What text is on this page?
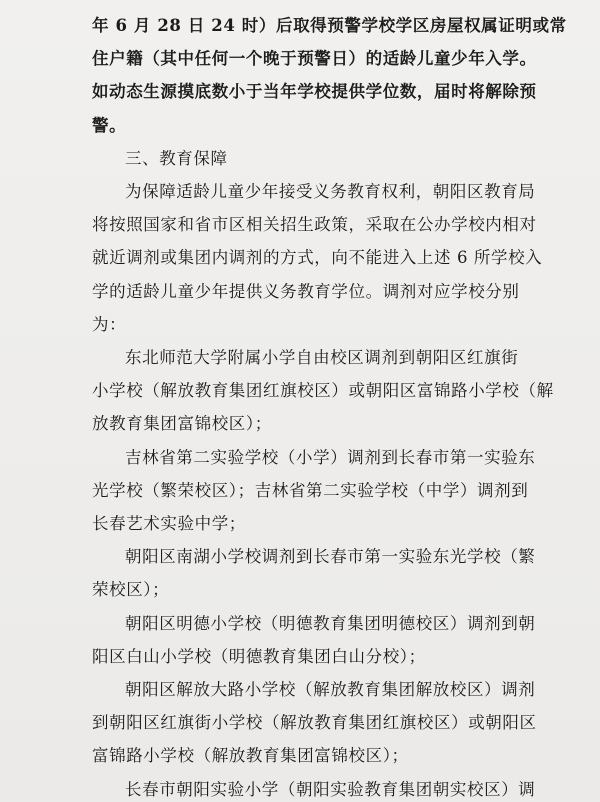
年 6 月 28 日 24 时）后取得预警学校学区房屋权属证明或常
住户籍（其中任何一个晚于预警日）的适龄儿童少年入学。
如动态生源摸底数小于当年学校提供学位数，届时将解除预
警。
三、教育保障
为保障适龄儿童少年接受义务教育权利，朝阳区教育局
将按照国家和省市区相关招生政策，采取在公办学校内相对
就近调剂或集团内调剂的方式，向不能进入上述 6 所学校入
学的适龄儿童少年提供义务教育学位。调剂对应学校分别
为：
东北师范大学附属小学自由校区调剂到朝阳区红旗街
小学校（解放教育集团红旗校区）或朝阳区富锦路小学校（解
放教育集团富锦校区）；
吉林省第二实验学校（小学）调剂到长春市第一实验东
光学校（繁荣校区）；吉林省第二实验学校（中学）调剂到
长春艺术实验中学；
朝阳区南湖小学校调剂到长春市第一实验东光学校（繁
荣校区）；
朝阳区明德小学校（明德教育集团明德校区）调剂到朝
阳区白山小学校（明德教育集团白山分校）；
朝阳区解放大路小学校（解放教育集团解放校区）调剂
到朝阳区红旗街小学校（解放教育集团红旗校区）或朝阳区
富锦路小学校（解放教育集团富锦校区）；
长春市朝阳实验小学（朝阳实验教育集团朝实校区）调
